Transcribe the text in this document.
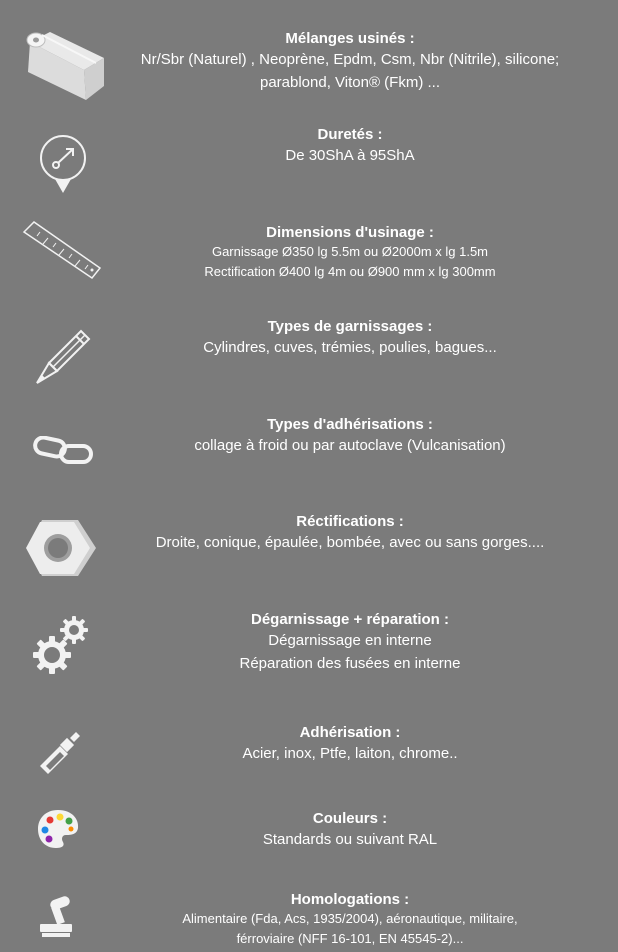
Mélanges usinés :
Nr/Sbr (Naturel) , Neoprène, Epdm, Csm, Nbr (Nitrile), silicone;
parablond, Viton® (Fkm) ...
Duretés :
De 30ShA à 95ShA
Dimensions d'usinage :
Garnissage Ø350 lg 5.5m ou Ø2000m x lg 1.5m
Rectification Ø400 lg 4m ou Ø900 mm x lg 300mm
Types de garnissages :
Cylindres, cuves, trémies, poulies, bagues...
Types d'adhérisations :
collage à froid ou par autoclave (Vulcanisation)
Réctifications :
Droite, conique, épaulée, bombée, avec ou sans gorges....
Dégarnissage + réparation :
Dégarnissage en interne
Réparation des fusées en interne
Adhérisation :
Acier, inox, Ptfe, laiton, chrome..
Couleurs :
Standards ou suivant RAL
Homologations :
Alimentaire (Fda, Acs, 1935/2004), aéronautique, militaire,
férroviaire (NFF 16-101, EN 45545-2)...
